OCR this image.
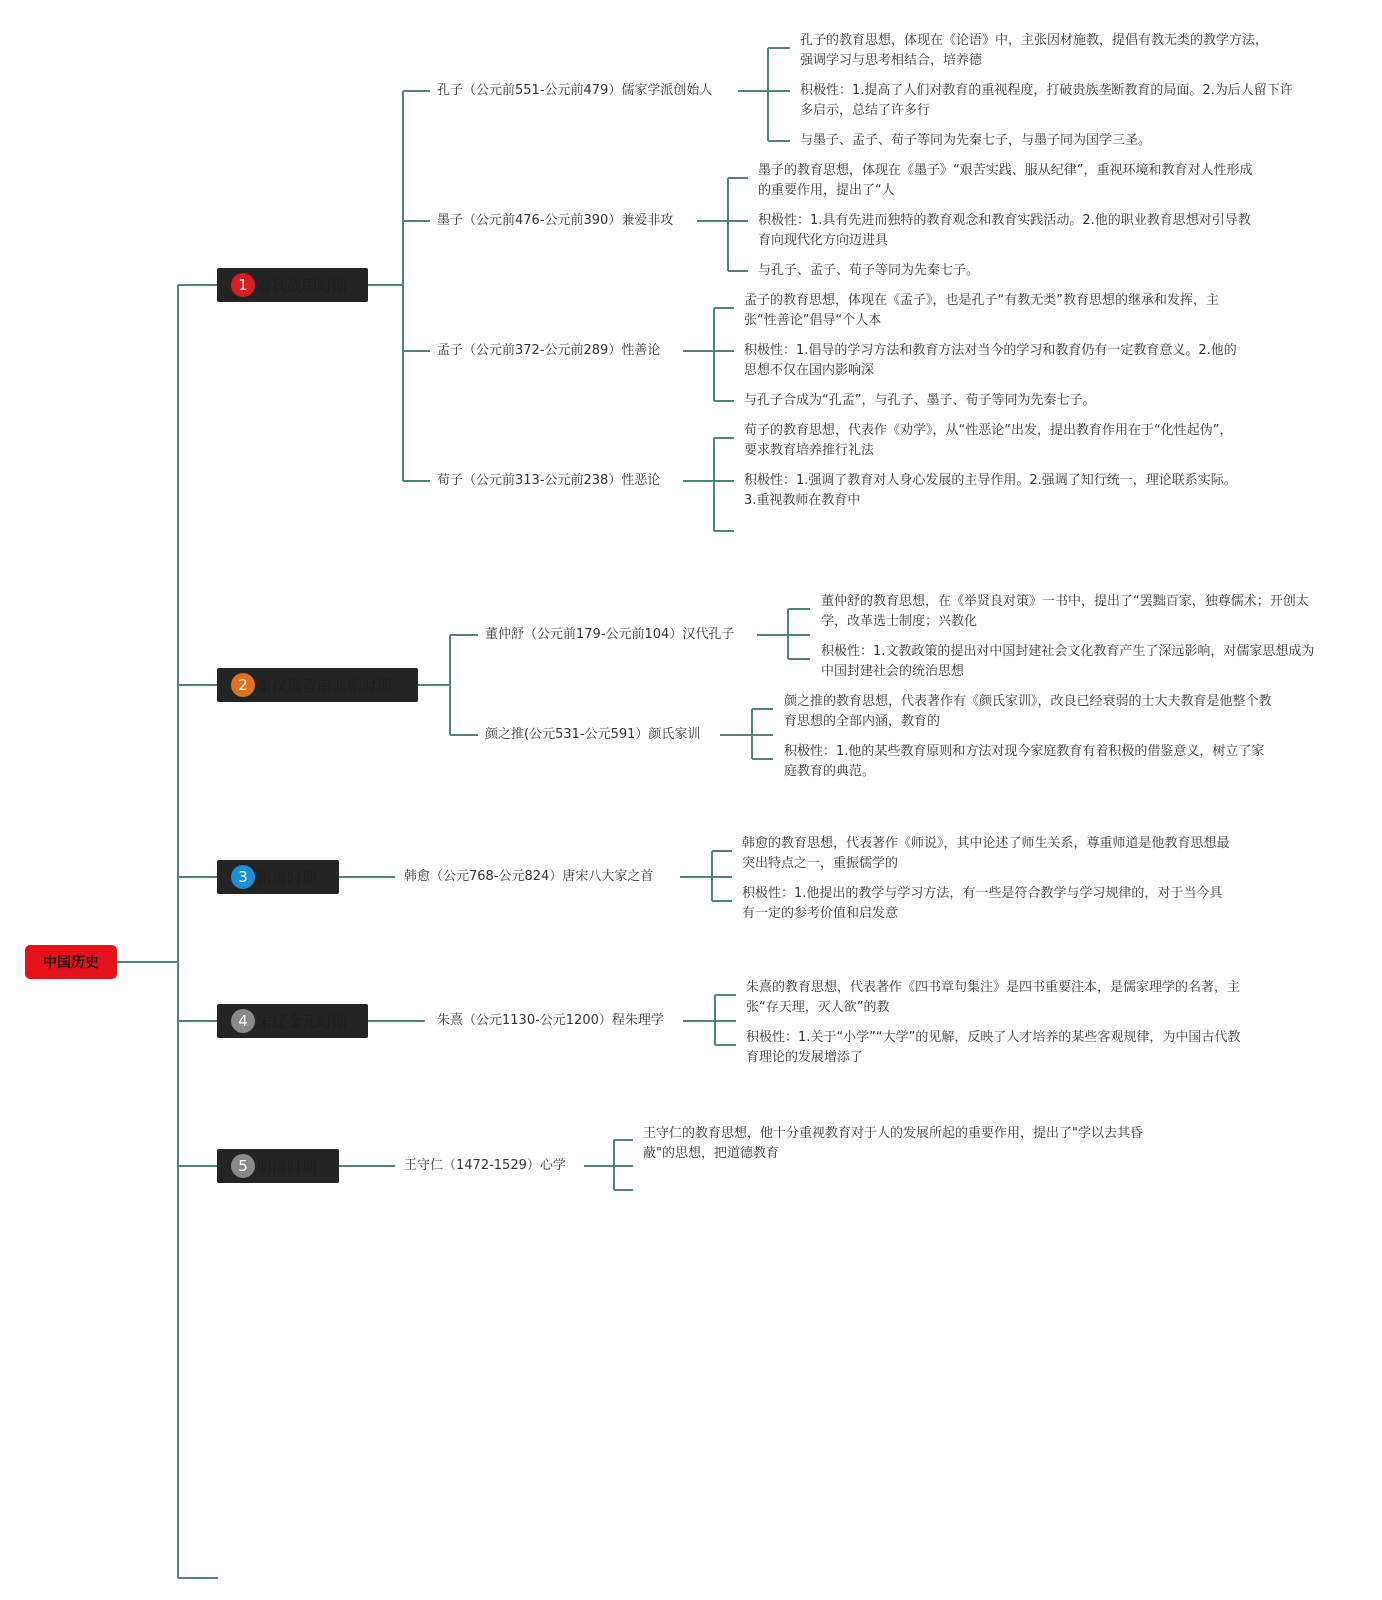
中国历史
1 春秋战国时期
孔子（公元前551-公元前479）儒家学派创始人
孔子的教育思想，体现在《论语》中，主张因材施教，提倡有教无类的教学方法，强调学习与思考相结合，培养德
积极性：1.提高了人们对教育的重视程度，打破贵族垄断教育的局面。2.为后人留下许多启示，总结了许多行
与墨子、孟子、荀子等同为先秦七子，与墨子同为国学三圣。
墨子（公元前476-公元前390）兼爱非攻
墨子的教育思想，体现在《墨子》“艰苦实践、服从纪律”，重视环境和教育对人性形成的重要作用，提出了“人
积极性：1.具有先进而独特的教育观念和教育实践活动。2.他的职业教育思想对引导教育向现代化方向迈进具
与孔子、孟子、荀子等同为先秦七子。
孟子（公元前372-公元前289）性善论
孟子的教育思想，体现在《孟子》，也是孔子“有教无类”教育思想的继承和发挥，主张“性善论”倡导“个人本
积极性：1.倡导的学习方法和教育方法对当今的学习和教育仍有一定教育意义。2.他的思想不仅在国内影响深
与孔子合成为“孔孟”，与孔子、墨子、荀子等同为先秦七子。
荀子（公元前313-公元前238）性恶论
荀子的教育思想，代表作《劝学》，从“性恶论”出发，提出教育作用在于“化性起伪”，要求教育培养推行礼法
积极性：1.强调了教育对人身心发展的主导作用。2.强调了知行统一，理论联系实际。3.重视教师在教育中
2 秦汉魏晋南北朝时期
董仲舒（公元前179-公元前104）汉代孔子
董仲舒的教育思想，在《举贤良对策》一书中，提出了“罢黜百家，独尊儒术；开创太学，改革选士制度；兴教化
积极性：1.文教政策的提出对中国封建社会文化教育产生了深远影响，对儒家思想成为中国封建社会的统治思想
颜之推(公元531-公元591）颜氏家训
颜之推的教育思想，代表著作有《颜氏家训》，改良已经衰弱的士大夫教育是他整个教育思想的全部内涵，教育的
积极性：1.他的某些教育原则和方法对现今家庭教育有着积极的借鉴意义，树立了家庭教育的典范。
3 隋唐时期	韩愈（公元768-公元824）唐宋八大家之首
韩愈的教育思想，代表著作《师说》，其中论述了师生关系，尊重师道是他教育思想最突出特点之一，重振儒学的
积极性：1.他提出的教学与学习方法，有一些是符合教学与学习规律的，对于当今具有一定的参考价值和启发意
4 宋辽金元时期	朱熹（公元1130-公元1200）程朱理学
朱熹的教育思想，代表著作《四书章句集注》是四书重要注本，是儒家理学的名著，主张“存天理，灭人欲”的教
积极性：1.关于“小学”“大学”的见解，反映了人才培养的某些客观规律，为中国古代教育理论的发展增添了
5 明清时期	王守仁（1472-1529）心学
王守仁的教育思想，他十分重视教育对于人的发展所起的重要作用，提出了"学以去其昏蔽"的思想，把道德教育
